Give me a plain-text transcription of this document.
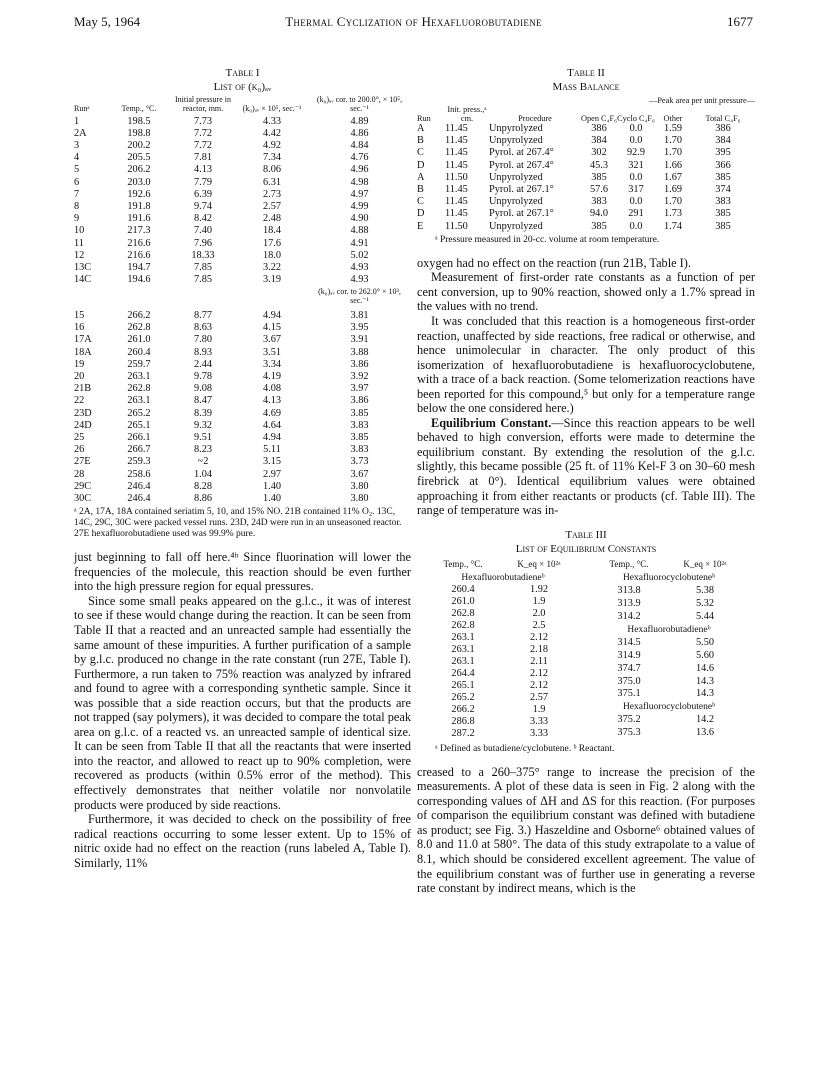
May 5, 1964	Thermal Cyclization of Hexafluorobutadiene	1677
Table I
List of (k₀)ₐᵥ
Runᵃ	Temp., °C.	Initial pressure in reactor, mm.	(k₀)ₐᵥ × 10⁵, sec.⁻¹	(k₀)ₐᵥ cor. to 200.0°, × 10⁵, sec.⁻¹
1	198.5	7.73	4.33	4.89
2A	198.8	7.72	4.42	4.86
3	200.2	7.72	4.92	4.84
4	205.5	7.81	7.34	4.76
5	206.2	4.13	8.06	4.96
6	203.0	7.79	6.31	4.98
7	192.6	6.39	2.73	4.97
8	191.8	9.74	2.57	4.99
9	191.6	8.42	2.48	4.90
10	217.3	7.40	18.4	4.88
11	216.6	7.96	17.6	4.91
12	216.6	18.33	18.0	5.02
13C	194.7	7.85	3.22	4.93
14C	194.6	7.85	3.19	4.93
				(k₀)ₐᵥ cor. to 262.0° × 10³, sec.⁻¹
15	266.2	8.77	4.94	3.81
16	262.8	8.63	4.15	3.95
17A	261.0	7.80	3.67	3.91
18A	260.4	8.93	3.51	3.88
19	259.7	2.44	3.34	3.86
20	263.1	9.78	4.19	3.92
21B	262.8	9.08	4.08	3.97
22	263.1	8.47	4.13	3.86
23D	265.2	8.39	4.69	3.85
24D	265.1	9.32	4.64	3.83
25	266.1	9.51	4.94	3.85
26	266.7	8.23	5.11	3.83
27E	259.3	~2	3.15	3.73
28	258.6	1.04	2.97	3.67
29C	246.4	8.28	1.40	3.80
30C	246.4	8.86	1.40	3.80
ᵃ 2A, 17A, 18A contained seriatim 5, 10, and 15% NO. 21B contained 11% O₂. 13C, 14C, 29C, 30C were packed vessel runs. 23D, 24D were run in an unseasoned reactor. 27E hexafluorobutadiene used was 99.9% pure.

just beginning to fall off here.⁴ᵇ Since fluorination will lower the frequencies of the molecule, this reaction should be even further into the high pressure region for equal pressures.

Since some small peaks appeared on the g.l.c., it was of interest to see if these would change during the reaction. It can be seen from Table II that a reacted and an unreacted sample had essentially the same amount of these impurities. A further purification of a sample by g.l.c. produced no change in the rate constant (run 27E, Table I). Furthermore, a run taken to 75% reaction was analyzed by infrared and found to agree with a corresponding synthetic sample. Since it was possible that a side reaction occurs, but that the products are not trapped (say polymers), it was decided to compare the total peak area on g.l.c. of a reacted vs. an unreacted sample of identical size. It can be seen from Table II that all the reactants that were inserted into the reactor, and allowed to react up to 90% completion, were recovered as products (within 0.5% error of the method). This effectively demonstrates that neither volatile nor nonvolatile products were produced by side reactions.

Furthermore, it was decided to check on the possibility of free radical reactions occurring to some lesser extent. Up to 15% of nitric oxide had no effect on the reaction (runs labeled A, Table I). Similarly, 11%

Table II
Mass Balance
			—Peak area per unit pressure—			
Run	Init. press.,ᵃ cm.	Procedure	Open C₄F₆	Cyclo C₄F₆	Other	Total C₄F₆
A	11.45	Unpyrolyzed	386	0.0	1.59	386
B	11.45	Unpyrolyzed	384	0.0	1.70	384
C	11.45	Pyrol. at 267.4°	302	92.9	1.70	395
D	11.45	Pyrol. at 267.4°	45.3	321	1.66	366
A	11.50	Unpyrolyzed	385	0.0	1.67	385
B	11.45	Pyrol. at 267.1°	57.6	317	1.69	374
C	11.45	Unpyrolyzed	383	0.0	1.70	383
D	11.45	Pyrol. at 267.1°	94.0	291	1.73	385
E	11.50	Unpyrolyzed	385	0.0	1.74	385
ᵃ Pressure measured in 20-cc. volume at room temperature.

oxygen had no effect on the reaction (run 21B, Table I).

Measurement of first-order rate constants as a function of per cent conversion, up to 90% reaction, showed only a 1.7% spread in the values with no trend.

It was concluded that this reaction is a homogeneous first-order reaction, unaffected by side reactions, free radical or otherwise, and hence unimolecular in character. The only product of this isomerization of hexafluorobutadiene is hexafluorocyclobutene, with a trace of a back reaction. (Some telomerization reactions have been reported for this compound,⁵ but only for a temperature range below the one considered here.)

Equilibrium Constant.—Since this reaction appears to be well behaved to high conversion, efforts were made to determine the equilibrium constant. By extending the resolution of the g.l.c. slightly, this became possible (25 ft. of 11% Kel-F 3 on 30–60 mesh firebrick at 0°). Identical equilibrium values were obtained approaching it from either reactants or products (cf. Table III). The range of temperature was in-

Table III
List of Equilibrium Constants
Temp., °C.	K_eq × 10²ᵃ
Hexafluorobutadieneᵇ	
260.4	1.92
261.0	1.9
262.8	2.0
262.8	2.5
263.1	2.12
263.1	2.18
263.1	2.11
264.4	2.12
265.1	2.12
265.2	2.57
266.2	1.9
286.8	3.33
287.2	3.33
Temp., °C.	K_eq × 10²ᵃ
Hexafluorocyclobuteneᵇ	
313.8	5.38
313.9	5.32
314.2	5.44
Hexafluorobutadieneᵇ	
314.5	5.50
314.9	5.60
374.7	14.6
375.0	14.3
375.1	14.3
Hexafluorocyclobuteneᵇ	
375.2	14.2
375.3	13.6
ᵃ Defined as butadiene/cyclobutene. ᵇ Reactant.

creased to a 260–375° range to increase the precision of the measurements. A plot of these data is seen in Fig. 2 along with the corresponding values of ΔH and ΔS for this reaction. (For purposes of comparison the equilibrium constant was defined with butadiene as product; see Fig. 3.) Haszeldine and Osborne⁶ obtained values of 8.0 and 11.0 at 580°. The data of this study extrapolate to a value of 8.1, which should be considered excellent agreement. The value of the equilibrium constant was of further use in generating a reverse rate constant by indirect means, which is the
